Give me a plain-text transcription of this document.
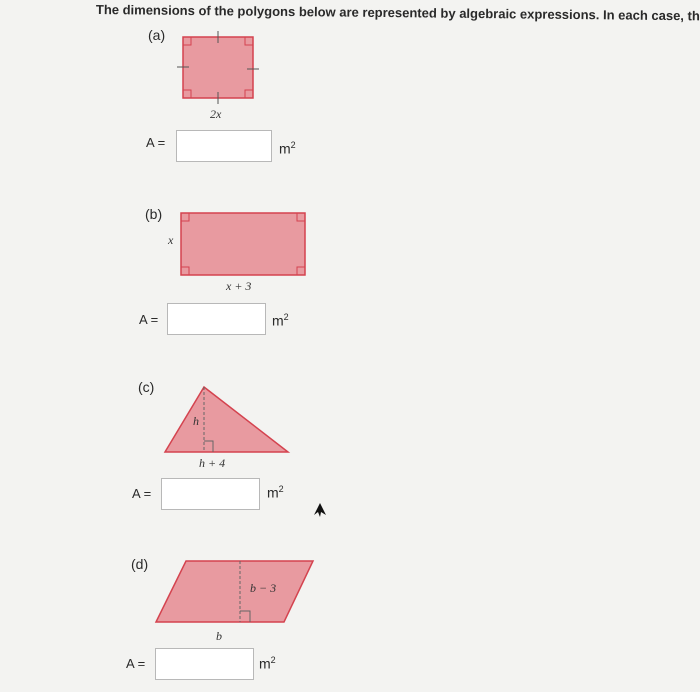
The dimensions of the polygons below are represented by algebraic expressions. In each case, th
2x
x
x + 3
h
h + 4
b − 3
b
(a)
A =	$m^2$
(b)
A =	$m^2$
(c)
A =	$m^2$
(d)
A =	$m^2$
